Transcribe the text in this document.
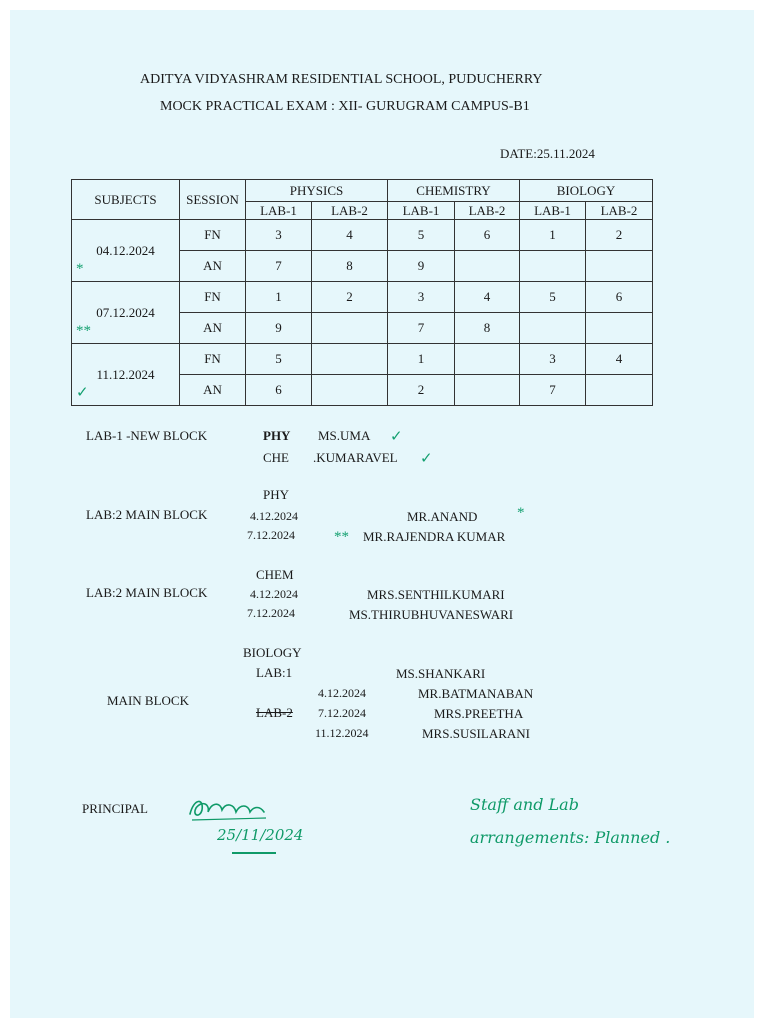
ADITYA VIDYASHRAM RESIDENTIAL SCHOOL, PUDUCHERRY
MOCK PRACTICAL EXAM : XII- GURUGRAM CAMPUS-B1
DATE:25.11.2024
SUBJECTS	SESSION	PHYSICS		CHEMISTRY		BIOLOGY	
		LAB-1	LAB-2	LAB-1	LAB-2	LAB-1	LAB-2
04.12.2024
*	FN	3	4	5	6	1	2
	AN	7	8	9			
07.12.2024
**	FN	1	2	3	4	5	6
	AN	9		7	8		
11.12.2024
✓	FN	5		1		3	4
	AN	6		2		7	
LAB-1 -NEW BLOCK	PHY MS.UMA ✓
CHE .KUMARAVEL ✓
PHY
LAB:2 MAIN BLOCK	4.12.2024	MR.ANAND	*
7.12.2024	** MR.RAJENDRA KUMAR
CHEM
LAB:2 MAIN BLOCK	4.12.2024	MRS.SENTHILKUMARI
7.12.2024	MS.THIRUBHUVANESWARI
BIOLOGY
LAB:1	MS.SHANKARI
MAIN BLOCK	4.12.2024	MR.BATMANABAN
LAB-2 7.12.2024	MRS.PREETHA
11.12.2024	MRS.SUSILARANI
PRINCIPAL
25/11/2024
Staff and Lab
arrangements: Planned .
